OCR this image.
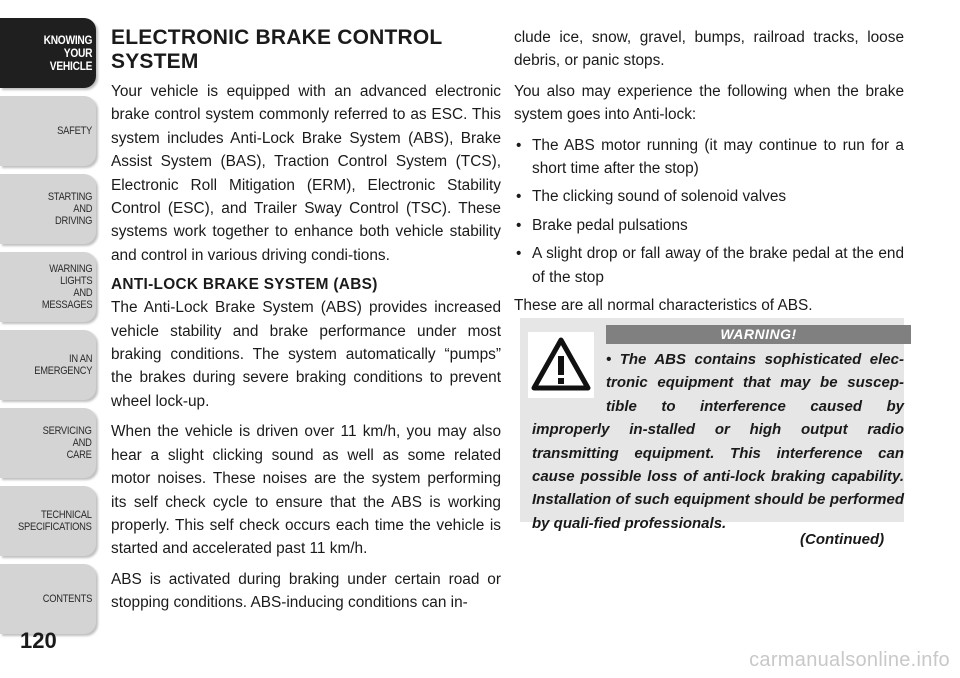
KNOWING
YOUR
VEHICLE
SAFETY
STARTING
AND
DRIVING
WARNING
LIGHTS
AND
MESSAGES
IN AN
EMERGENCY
SERVICING
AND
CARE
TECHNICAL
SPECIFICATIONS
CONTENTS
120
ELECTRONIC BRAKE CONTROL SYSTEM

Your vehicle is equipped with an advanced electronic brake control system commonly referred to as ESC. This system includes Anti-Lock Brake System (ABS), Brake Assist System (BAS), Traction Control System (TCS), Electronic Roll Mitigation (ERM), Electronic Stability Control (ESC), and Trailer Sway Control (TSC). These systems work together to enhance both vehicle stability and control in various driving condi-tions.

ANTI-LOCK BRAKE SYSTEM (ABS)

The Anti-Lock Brake System (ABS) provides increased vehicle stability and brake performance under most braking conditions. The system automatically “pumps” the brakes during severe braking conditions to prevent wheel lock-up.

When the vehicle is driven over 11 km/h, you may also hear a slight clicking sound as well as some related motor noises. These noises are the system performing its self check cycle to ensure that the ABS is working properly. This self check occurs each time the vehicle is started and accelerated past 11 km/h.

ABS is activated during braking under certain road or stopping conditions. ABS-inducing conditions can in-

clude ice, snow, gravel, bumps, railroad tracks, loose debris, or panic stops.

You also may experience the following when the brake system goes into Anti-lock:

• The ABS motor running (it may continue to run for a short time after the stop)
• The clicking sound of solenoid valves
• Brake pedal pulsations
• A slight drop or fall away of the brake pedal at the end of the stop

These are all normal characteristics of ABS.

WARNING!
• The ABS contains sophisticated elec-tronic equipment that may be suscep-tible to interference caused by improperly in-stalled or high output radio transmitting equipment. This interference can cause possible loss of anti-lock braking capability. Installation of such equipment should be performed by quali-fied professionals.
(Continued)
carmanualsonline.info
